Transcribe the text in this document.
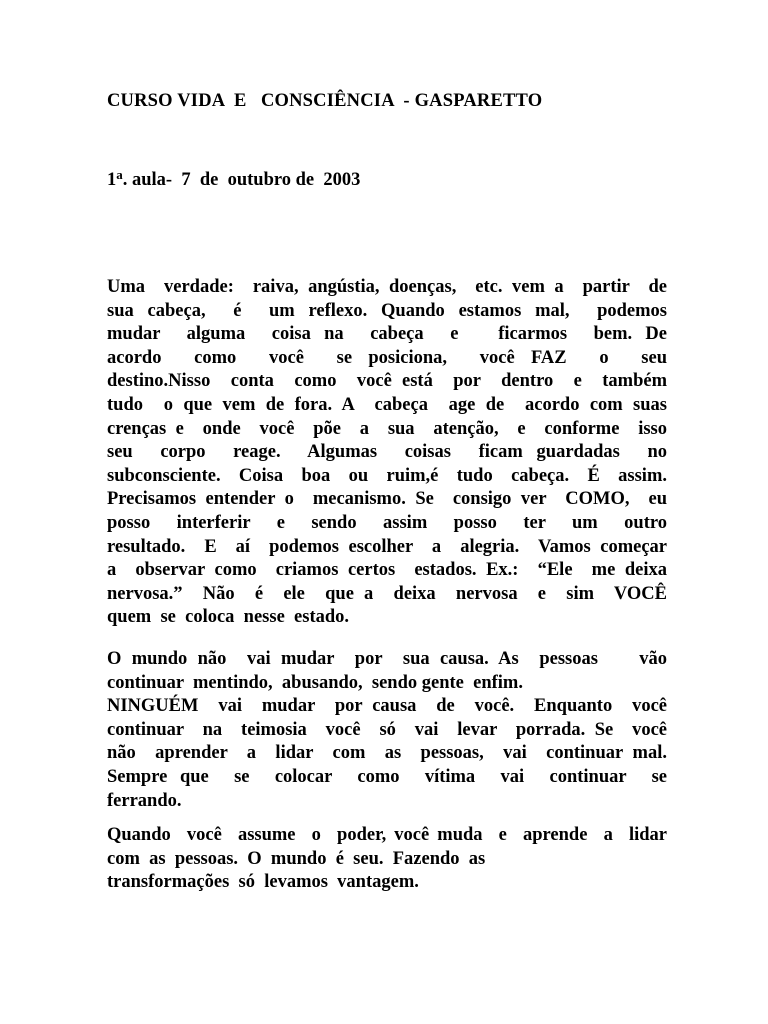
CURSO VIDA  E   CONSCIÊNCIA  - GASPARETTO

1$^a$. aula-  7  de  outubro de  2003

Uma  verdade:  raiva, angústia, doenças,  etc. vem a  partir  de
sua cabeça,  é  um reflexo. Quando estamos mal,  podemos
mudar  alguma  coisa na  cabeça  e   ficarmos  bem. De
acordo  como  você  se posiciona,  você FAZ  o  seu
destino.Nisso  conta  como  você está  por  dentro  e  também
tudo  o que vem de fora. A  cabeça  age de  acordo com suas
crenças e  onde  você  põe  a  sua  atenção,  e  conforme  isso
seu  corpo  reage.  Algumas  coisas  ficam guardadas  no
subconsciente.  Coisa  boa  ou  ruim,é  tudo  cabeça.  É  assim.
Precisamos entender o  mecanismo. Se  consigo ver  COMO,  eu
posso  interferir  e  sendo  assim  posso  ter  um  outro
resultado.  E  aí  podemos escolher  a  alegria.  Vamos começar
a  observar como  criamos certos  estados. Ex.:  “Ele  me deixa
nervosa.”  Não  é  ele  que a  deixa  nervosa  e  sim  VOCÊ
quem  se  coloca  nesse  estado.

O mundo não  vai mudar  por  sua causa. As  pessoas    vão
continuar  mentindo,  abusando,  sendo gente  enfim.
NINGUÉM  vai  mudar  por causa  de  você.  Enquanto  você
continuar  na  teimosia  você  só  vai  levar  porrada. Se  você
não  aprender  a  lidar  com  as  pessoas,  vai  continuar mal.
Sempre que  se  colocar  como  vítima  vai  continuar  se
ferrando.

Quando  você  assume  o  poder, você muda  e  aprende  a  lidar
com  as  pessoas.  O  mundo  é  seu.  Fazendo  as
transformações  só  levamos  vantagem.
